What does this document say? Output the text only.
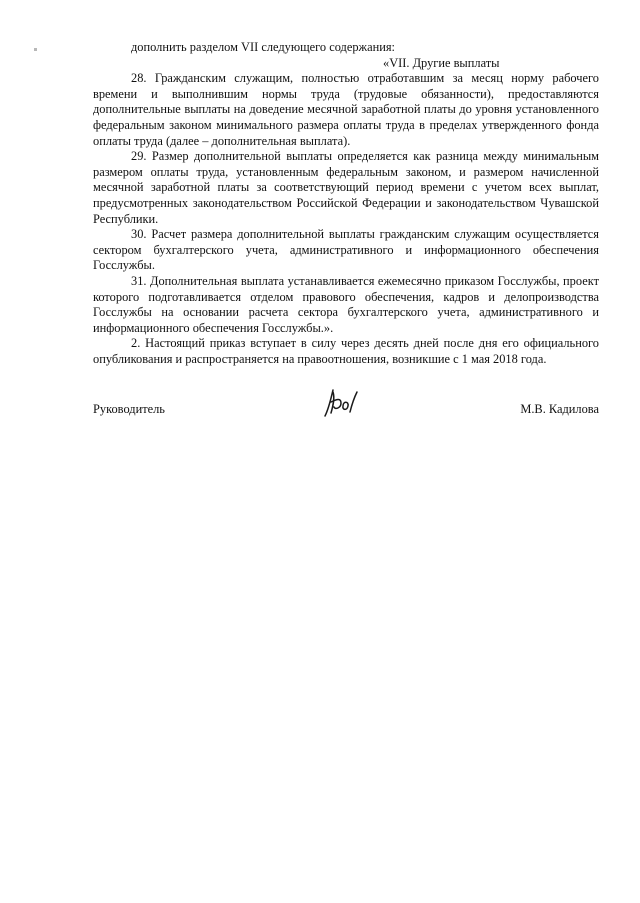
дополнить разделом VII следующего содержания:

«VII. Другие выплаты

28. Гражданским служащим, полностью отработавшим за месяц норму рабочего времени и выполнившим нормы труда (трудовые обязанности), предоставляются дополнительные выплаты на доведение месячной заработной платы до уровня установленного федеральным законом минимального размера оплаты труда в пределах утвержденного фонда оплаты труда (далее – дополнительная выплата).

29. Размер дополнительной выплаты определяется как разница между минимальным размером оплаты труда, установленным федеральным законом, и размером начисленной месячной заработной платы за соответствующий период времени с учетом всех выплат, предусмотренных законодательством Российской Федерации и законодательством Чувашской Республики.

30. Расчет размера дополнительной выплаты гражданским служащим осуществляется сектором бухгалтерского учета, административного и информационного обеспечения Госслужбы.

31. Дополнительная выплата устанавливается ежемесячно приказом Госслужбы, проект которого подготавливается отделом правового обеспечения, кадров и делопроизводства Госслужбы на основании расчета сектора бухгалтерского учета, административного и информационного обеспечения Госслужбы.».

2. Настоящий приказ вступает в силу через десять дней после дня его официального опубликования и распространяется на правоотношения, возникшие с 1 мая 2018 года.

Руководитель	М.В. Кадилова
